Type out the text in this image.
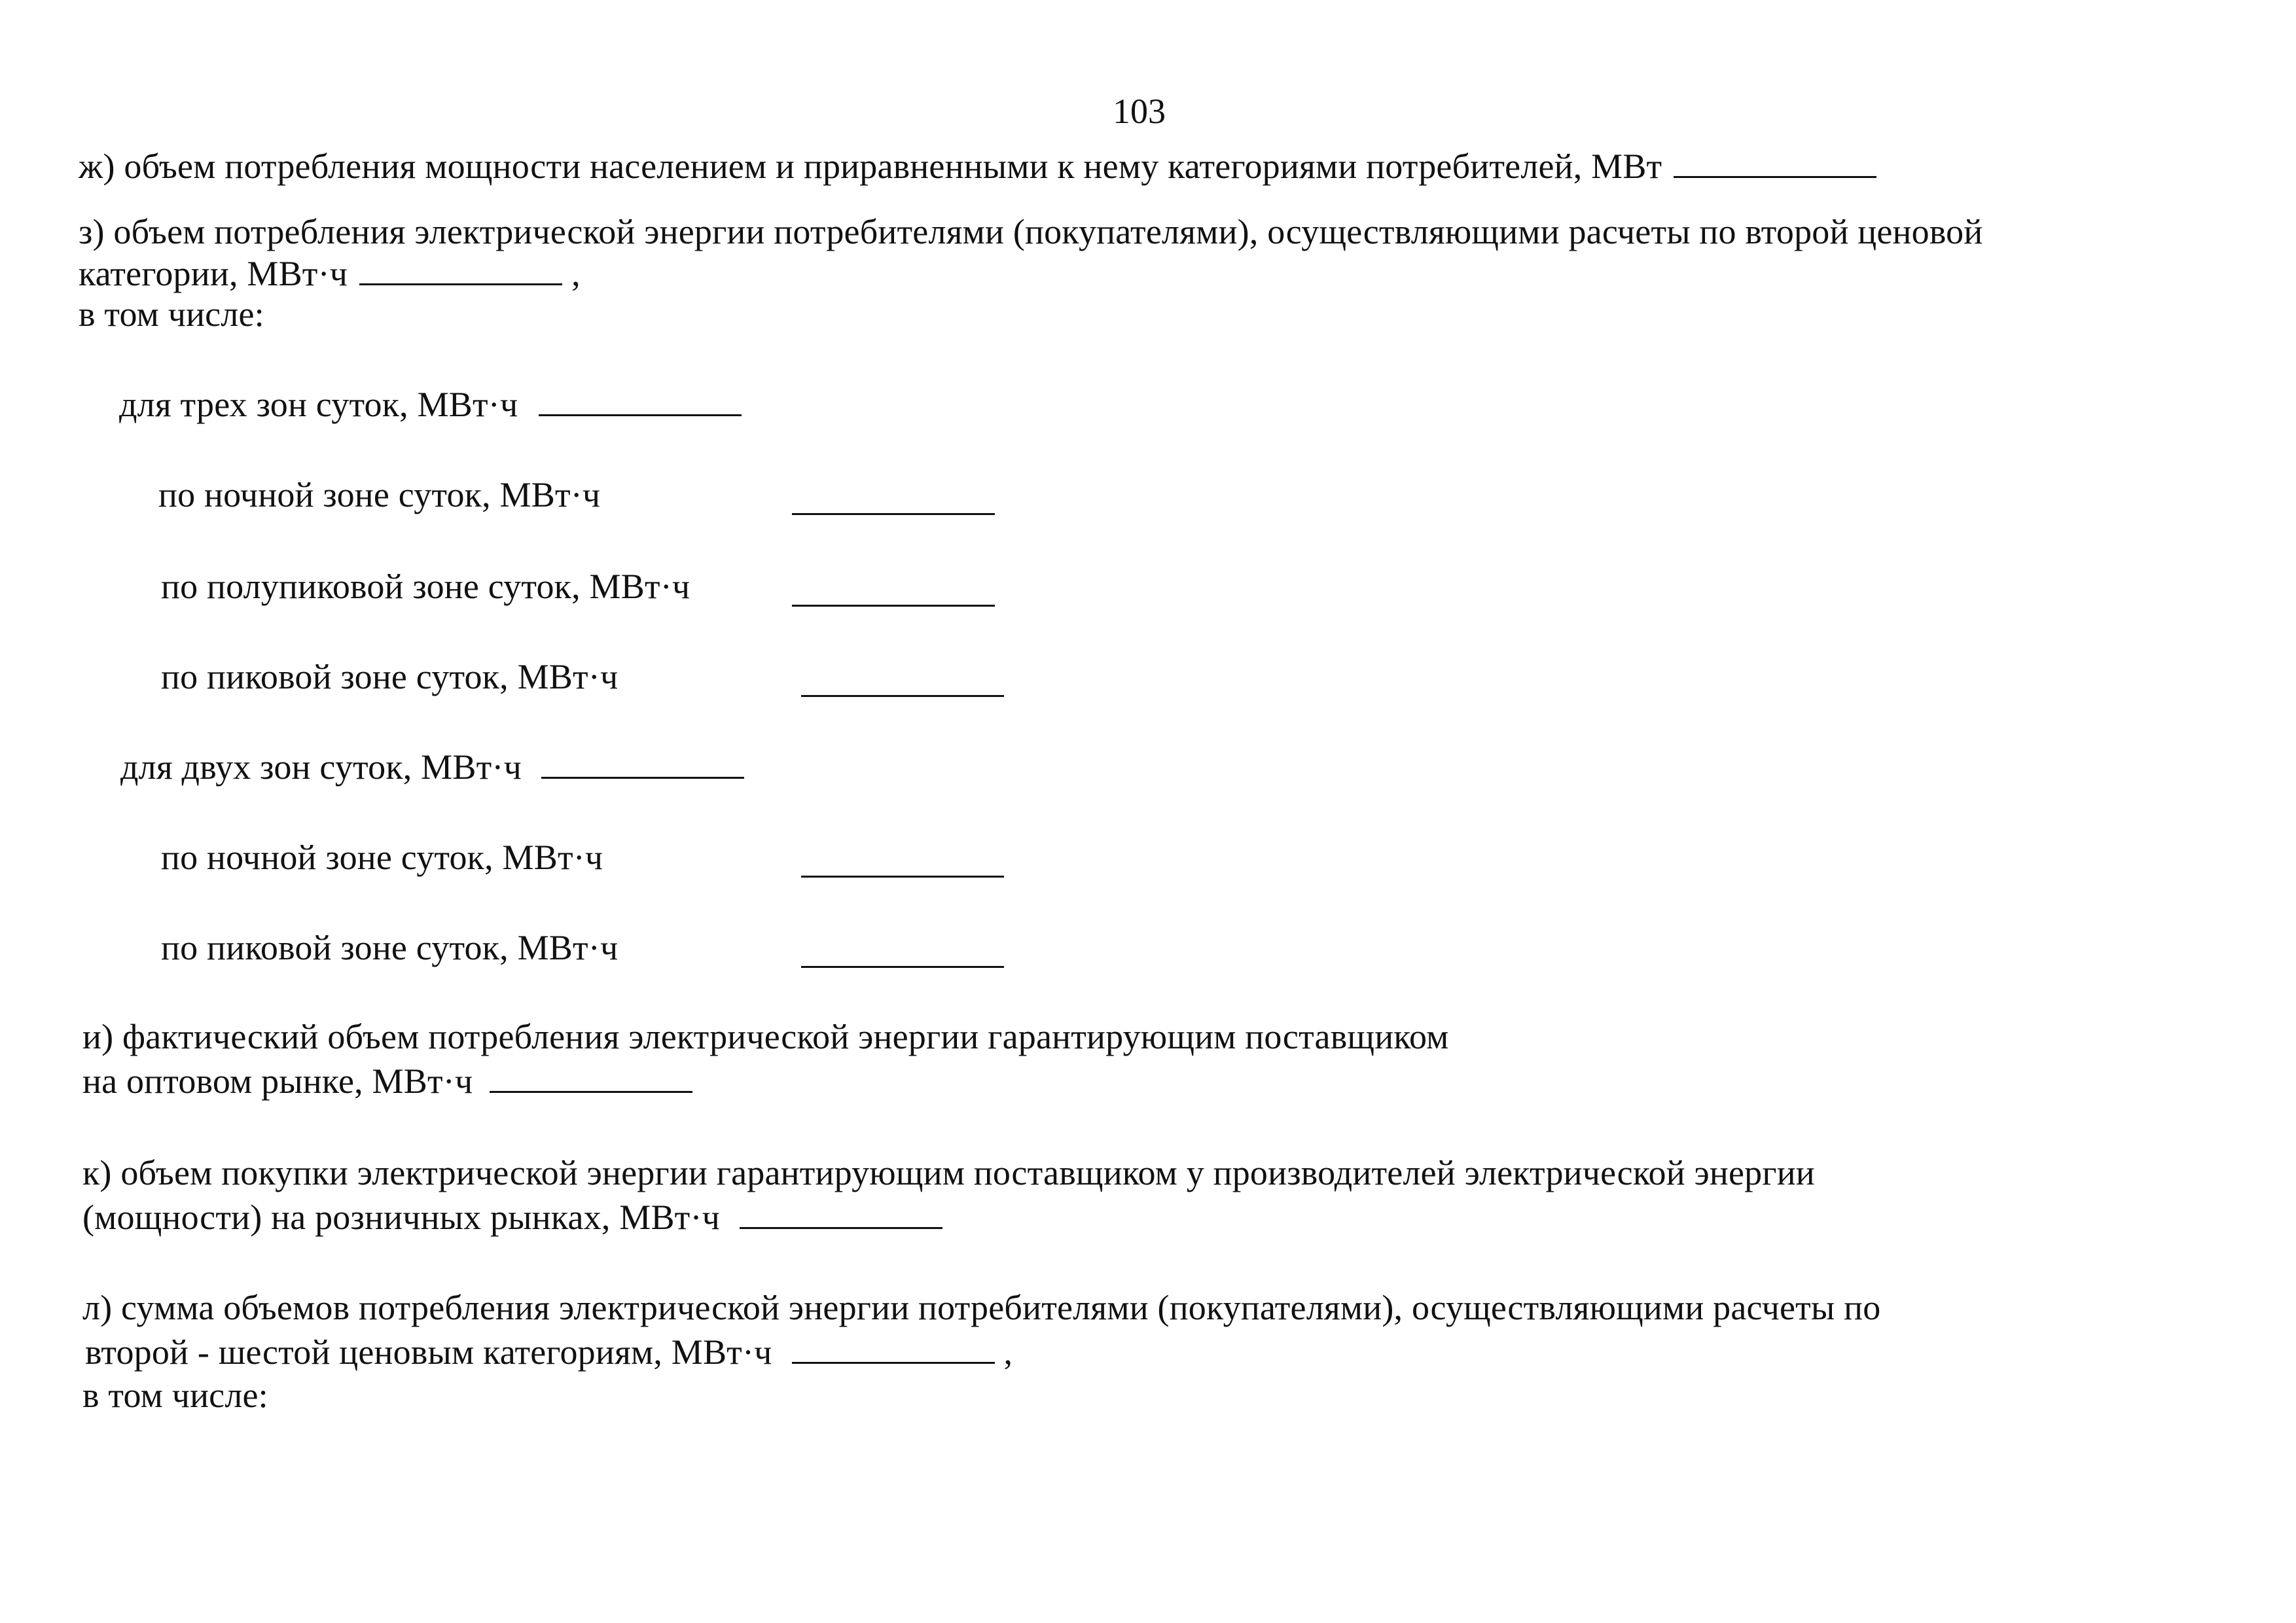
103
ж) объем потребления мощности населением и приравненными к нему категориями потребителей, МВт
з) объем потребления электрической энергии потребителями (покупателями), осуществляющими расчеты по второй ценовой
категории, МВт·ч	,
в том числе:
для трех зон суток, МВт·ч
по ночной зоне суток, МВт·ч
по полупиковой зоне суток, МВт·ч
по пиковой зоне суток, МВт·ч
для двух зон суток, МВт·ч
по ночной зоне суток, МВт·ч
по пиковой зоне суток, МВт·ч
и) фактический объем потребления электрической энергии гарантирующим поставщиком
на оптовом рынке, МВт·ч
к) объем покупки электрической энергии гарантирующим поставщиком у производителей электрической энергии
(мощности) на розничных рынках, МВт·ч
л) сумма объемов потребления электрической энергии потребителями (покупателями), осуществляющими расчеты по
второй - шестой ценовым категориям, МВт·ч	,
в том числе:
